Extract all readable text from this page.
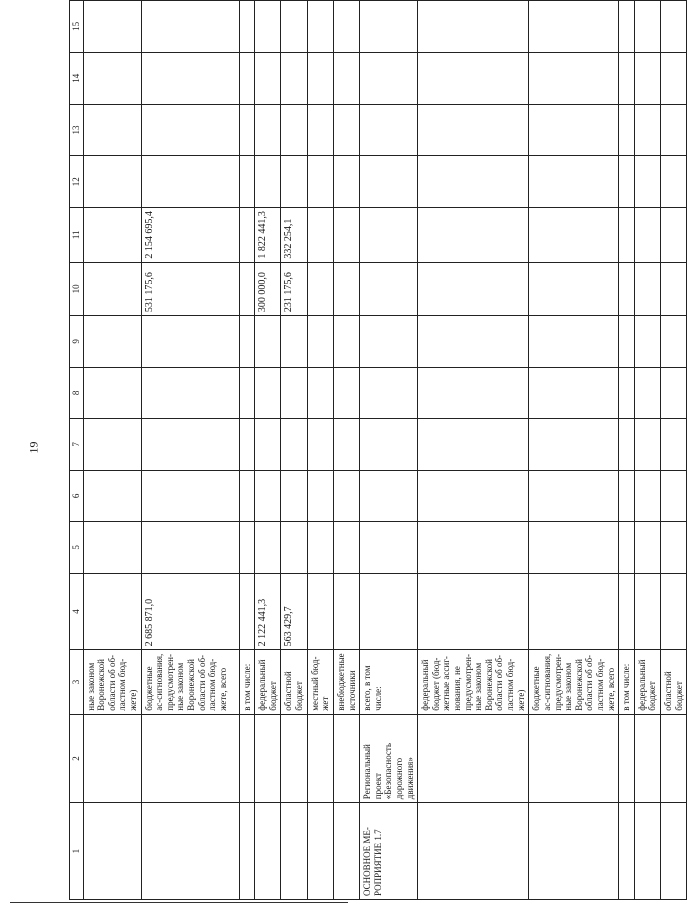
19
1	2	3	4	5	6	7	8	9	10	11	12	13	14	15
		ные законом Воронежской области об об-ластном бюд-жете)												
		бюджетные ас-сигнования, предусмотрен-ные законом Воронежской области об об-ластном бюд-жете, всего	2 685 871,0						531 175,6	2 154 695,4				
		в том числе:												
		федеральный бюджет	2 122 441,3						300 000,0	1 822 441,3				
		областной бюджет	563 429,7						231 175,6	332 254,1				
		местный бюд-жет												
		внебюджетные источники												
ОСНОВНОЕ МЕ-РОПРИЯТИЕ 1.7	Региональный проект «Безопасность дорожного движения»	всего, в том числе:												
		федеральный бюджет (бюд-жетные ассиг-нования, не предусмотрен-ные законом Воронежской области об об-ластном бюд-жете)												
		бюджетные ас-сигнования, предусмотрен-ные законом Воронежской области об об-ластном бюд-жете, всего												
		в том числе:												
		федеральный бюджет												
		областной бюджет												
